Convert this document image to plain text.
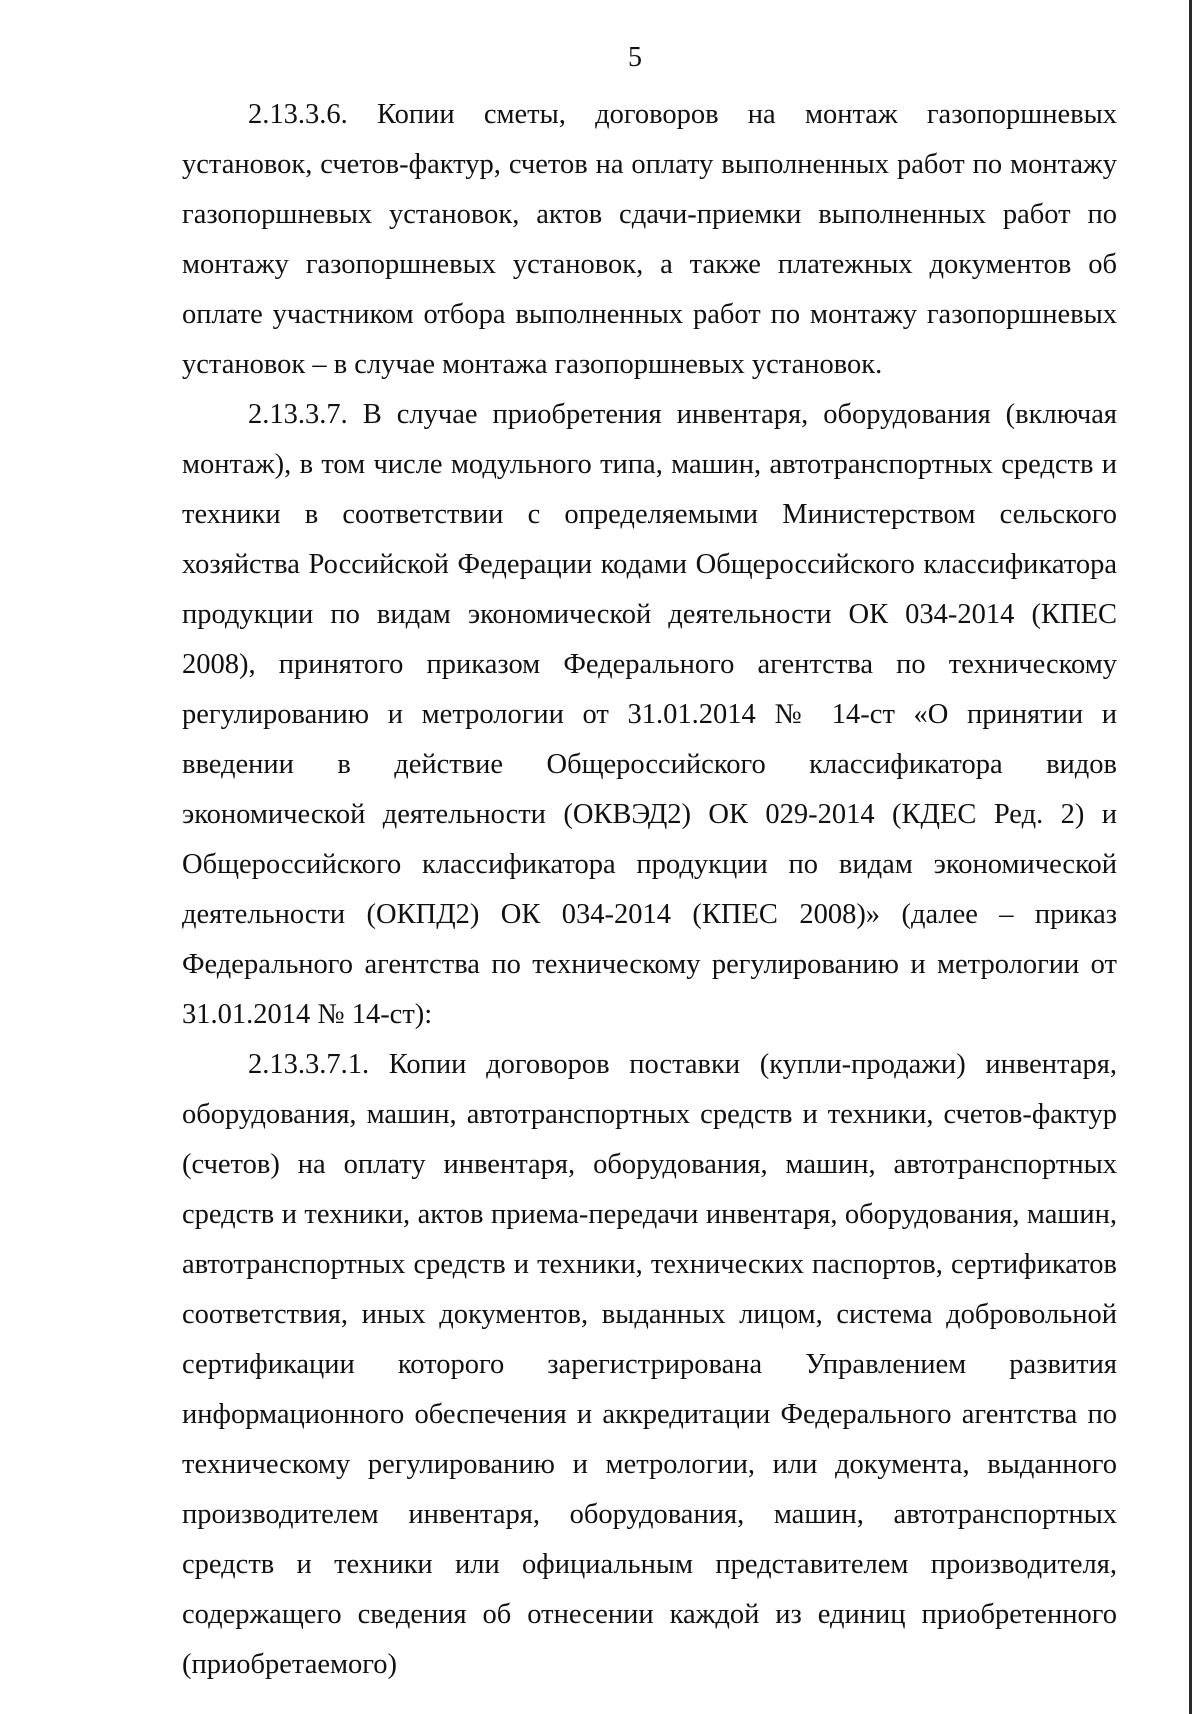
5

2.13.3.6. Копии сметы, договоров на монтаж газопоршневых установок, счетов-фактур, счетов на оплату выполненных работ по монтажу газопоршневых установок, актов сдачи-приемки выполненных работ по монтажу газопоршневых установок, а также платежных документов об оплате участником отбора выполненных работ по монтажу газопоршневых установок – в случае монтажа газопоршневых установок.

2.13.3.7. В случае приобретения инвентаря, оборудования (включая монтаж), в том числе модульного типа, машин, автотранспортных средств и техники в соответствии с определяемыми Министерством сельского хозяйства Российской Федерации кодами Общероссийского классификатора продукции по видам экономической деятельности ОК 034-2014 (КПЕС 2008), принятого приказом Федерального агентства по техническому регулированию и метрологии от 31.01.2014 № 14-ст «О принятии и введении в действие Общероссийского классификатора видов экономической деятельности (ОКВЭД2) ОК 029-2014 (КДЕС Ред. 2) и Общероссийского классификатора продукции по видам экономической деятельности (ОКПД2) ОК 034-2014 (КПЕС 2008)» (далее – приказ Федерального агентства по техническому регулированию и метрологии от 31.01.2014 № 14-ст):

2.13.3.7.1. Копии договоров поставки (купли-продажи) инвентаря, оборудования, машин, автотранспортных средств и техники, счетов-фактур (счетов) на оплату инвентаря, оборудования, машин, автотранспортных средств и техники, актов приема-передачи инвентаря, оборудования, машин, автотранспортных средств и техники, технических паспортов, сертификатов соответствия, иных документов, выданных лицом, система добровольной сертификации которого зарегистрирована Управлением развития информационного обеспечения и аккредитации Федерального агентства по техническому регулированию и метрологии, или документа, выданного производителем инвентаря, оборудования, машин, автотранспортных средств и техники или официальным представителем производителя, содержащего сведения об отнесении каждой из единиц приобретенного (приобретаемого)
